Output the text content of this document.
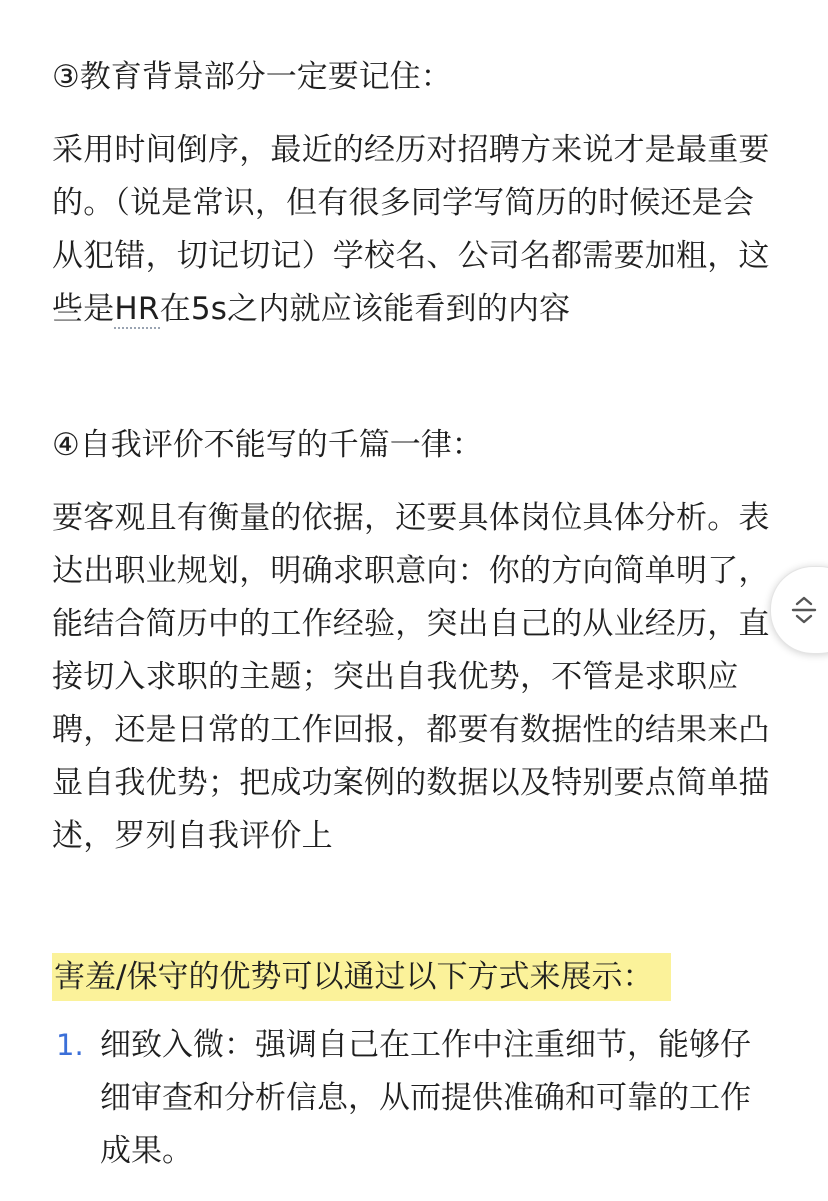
③教育背景部分一定要记住：

采用时间倒序，最近的经历对招聘方来说才是最重要的。（说是常识，但有很多同学写简历的时候还是会从犯错，切记切记）学校名、公司名都需要加粗，这些是HR在5s之内就应该能看到的内容

④自我评价不能写的千篇一律：

要客观且有衡量的依据，还要具体岗位具体分析。表达出职业规划，明确求职意向：你的方向简单明了，能结合简历中的工作经验，突出自己的从业经历，直接切入求职的主题；突出自我优势，不管是求职应聘，还是日常的工作回报，都要有数据性的结果来凸显自我优势；把成功案例的数据以及特别要点简单描述，罗列自我评价上

害羞/保守的优势可以通过以下方式来展示：
1. 细致入微：强调自己在工作中注重细节，能够仔细审查和分析信息，从而提供准确和可靠的工作成果。
